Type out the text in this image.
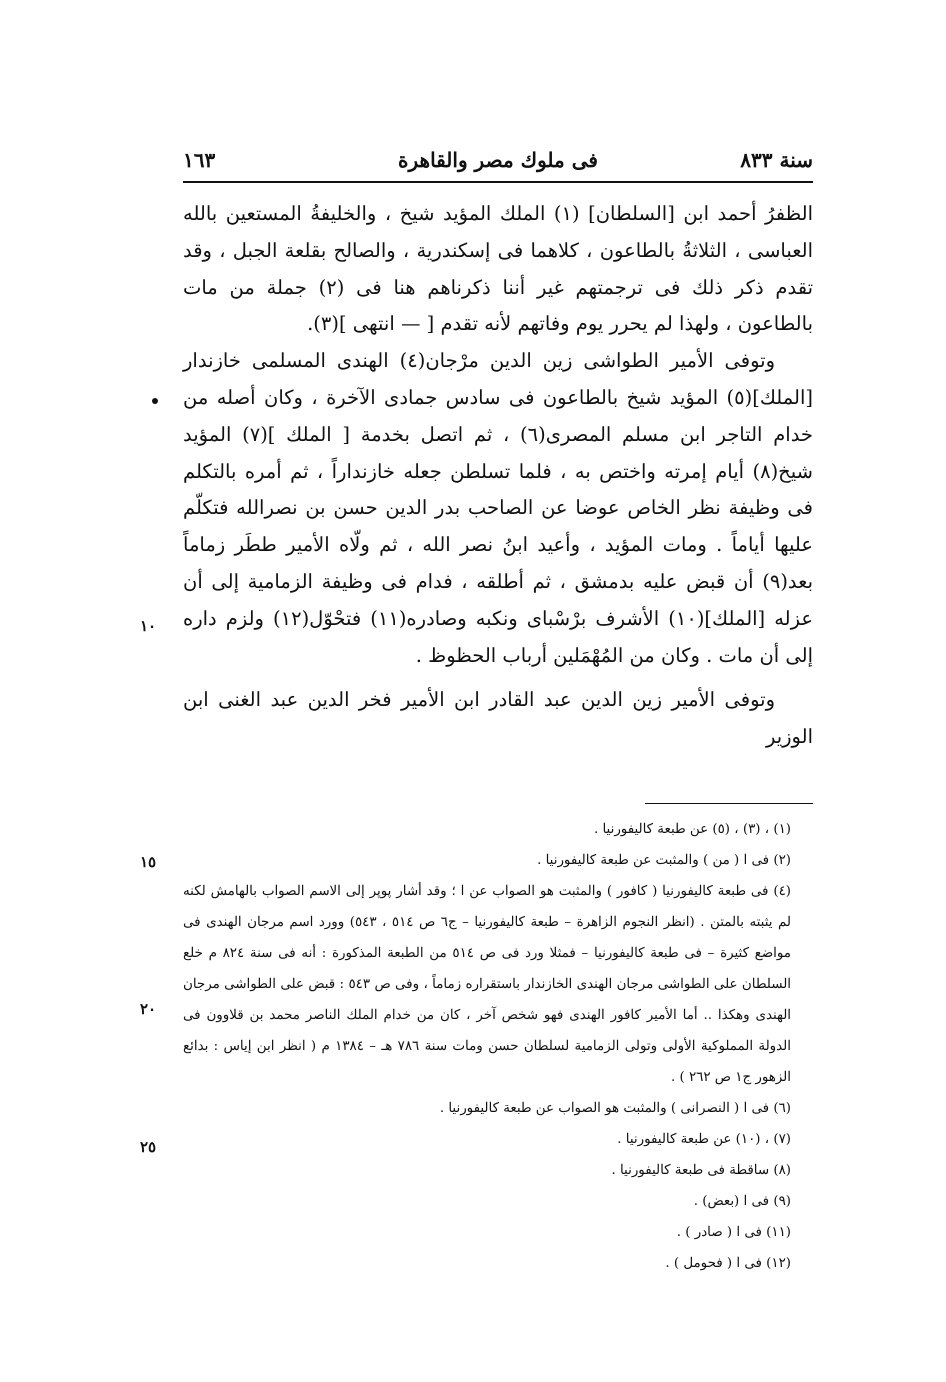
سنة ٨٣٣
فى ملوك مصر والقاهرة
١٦٣

الظفرُ أحمد ابن [السلطان] (١) الملك المؤيد شيخ ، والخليفةُ المستعين بالله العباسى ، الثلاثةُ بالطاعون ، كلاهما فى إسكندرية ، والصالح بقلعة الجبل ، وقد تقدم ذكر ذلك فى ترجمتهم غير أننا ذكرناهم هنا فى (٢) جملة من مات بالطاعون ، ولهذا لم يحرر يوم وفاتهم لأنه تقدم [ — انتهى ](٣).

وتوفى الأمير الطواشى زين الدين مرْجان(٤) الهندى المسلمى خازندار [الملك](٥) المؤيد شيخ بالطاعون فى سادس جمادى الآخرة ، وكان أصله من خدام التاجر ابن مسلم المصرى(٦) ، ثم اتصل بخدمة [ الملك ](٧) المؤيد شيخ(٨) أيام إمرته واختص به ، فلما تسلطن جعله خازنداراً ، ثم أمره بالتكلم فى وظيفة نظر الخاص عوضا عن الصاحب بدر الدين حسن بن نصرالله فتكلّم عليها أياماً . ومات المؤيد ، وأعيد ابنُ نصر الله ، ثم ولّاه الأمير ططَر زماماً بعد(٩) أن قبض عليه بدمشق ، ثم أطلقه ، فدام فى وظيفة الزمامية إلى أن عزله [الملك](١٠) الأشرف برْسْباى ونكبه وصادره(١١) فتحْوّل(١٢) ولزم داره إلى أن مات . وكان من المُهْمَلين أرباب الحظوظ .

وتوفى الأمير زين الدين عبد القادر ابن الأمير فخر الدين عبد الغنى ابن الوزير

(١) ، (٣) ، (٥) عن طبعة كاليفورنيا .

(٢) فى ا ( من ) والمثبت عن طبعة كاليفورنيا .

(٤) فى طبعة كاليفورنيا ( كافور ) والمثبت هو الصواب عن ا ؛ وقد أشار پوپر إلى الاسم الصواب بالهامش لكنه لم يثبته بالمتن . (انظر النجوم الزاهرة – طبعة كاليفورنيا – ج٦ ص ٥١٤ ، ٥٤٣) وورد اسم مرجان الهندى فى مواضع كثيرة – فى طبعة كاليفورنيا – فمثلا ورد فى ص ٥١٤ من الطبعة المذكورة : أنه فى سنة ٨٢٤ م خلع السلطان على الطواشى مرجان الهندى الخازندار باستقراره زماماً ، وفى ص ٥٤٣ : قبض على الطواشى مرجان الهندى وهكذا .. أما الأمير كافور الهندى فهو شخص آخر ، كان من خدام الملك الناصر محمد بن قلاوون فى الدولة المملوكية الأولى وتولى الزمامية لسلطان حسن ومات سنة ٧٨٦ هـ – ١٣٨٤ م ( انظر ابن إياس : بدائع الزهور ج١ ص ٢٦٢ ) .

(٦) فى ا ( النصرانى ) والمثبت هو الصواب عن طبعة كاليفورنيا .

(٧) ، (١٠) عن طبعة كاليفورنيا .

(٨) ساقطة فى طبعة كاليفورنيا .

(٩) فى ا (بعض) .

(١١) فى ا ( صادر ) .

(١٢) فى ا ( فحومل ) .

١٠
١٥
٢٠
٢٥
